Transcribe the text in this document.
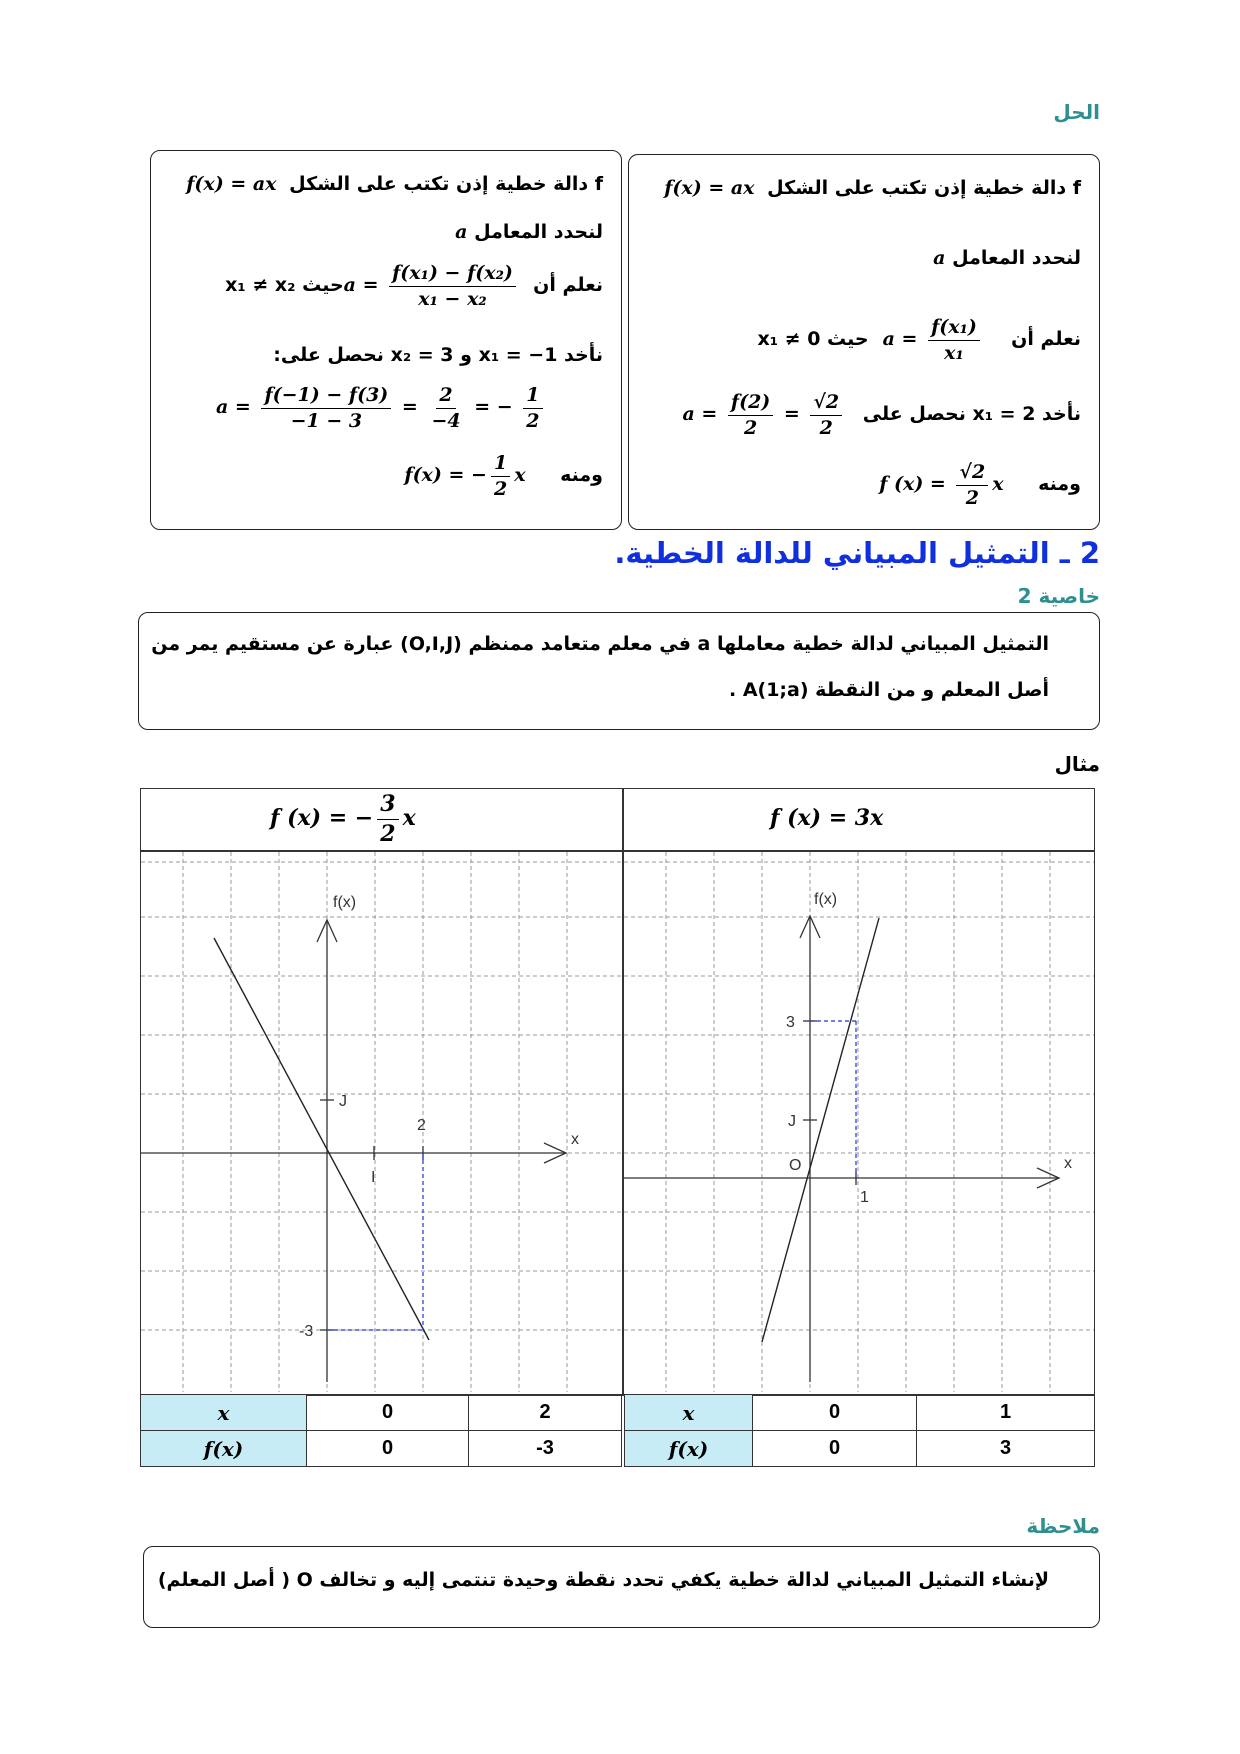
الحل
f دالة خطية إذن تكتب على الشكل f(x) = ax
لنحدد المعامل a
نعلم أن $a = \frac{\text{f(x₁) − f(x₂)}}{\text{x₁ − x₂}}$
حيث x₁ ≠ x₂
نأخد x₁ = −1 و x₂ = 3 نحصل على:
$a = \frac{f(-1) - f(3)}{-1 - 3} = \frac{2}{-4}$ = − $\frac{1}{2}$
ومنه f(x) = − $\frac{1}{2}$ x
f دالة خطية إذن تكتب على الشكل f(x) = ax
لنحدد المعامل a
نعلم أن $a = \frac{\text{f(x₁)}}{\text{x₁}}$
حيث x₁ ≠ 0
نأخد x₁ = 2 نحصل على $a = \frac{f(2)}{2} = \frac{√2}{2}$
ومنه f $(x) = \frac{√2}{2}$ x
2 ـ التمثيل المبياني للدالة الخطية.
خاصية 2
التمثيل المبياني لدالة خطية معاملها a في معلم متعامد ممنظم (O,I,J) عبارة عن مستقيم يمر من
أصل المعلم و من النقطة A(1;a) .
مثال
f (x) = − $\frac{3}{2}$ x	f (x) = 3x
f(x)
x
J
I
2
-3
f(x)
x
J
O
1
3
x	0	2
f(x)	0	-3
x	0	1
f(x)	0	3
ملاحظة
لإنشاء التمثيل المبياني لدالة خطية يكفي تحدد نقطة وحيدة تنتمى إليه و تخالف O ( أصل المعلم)
